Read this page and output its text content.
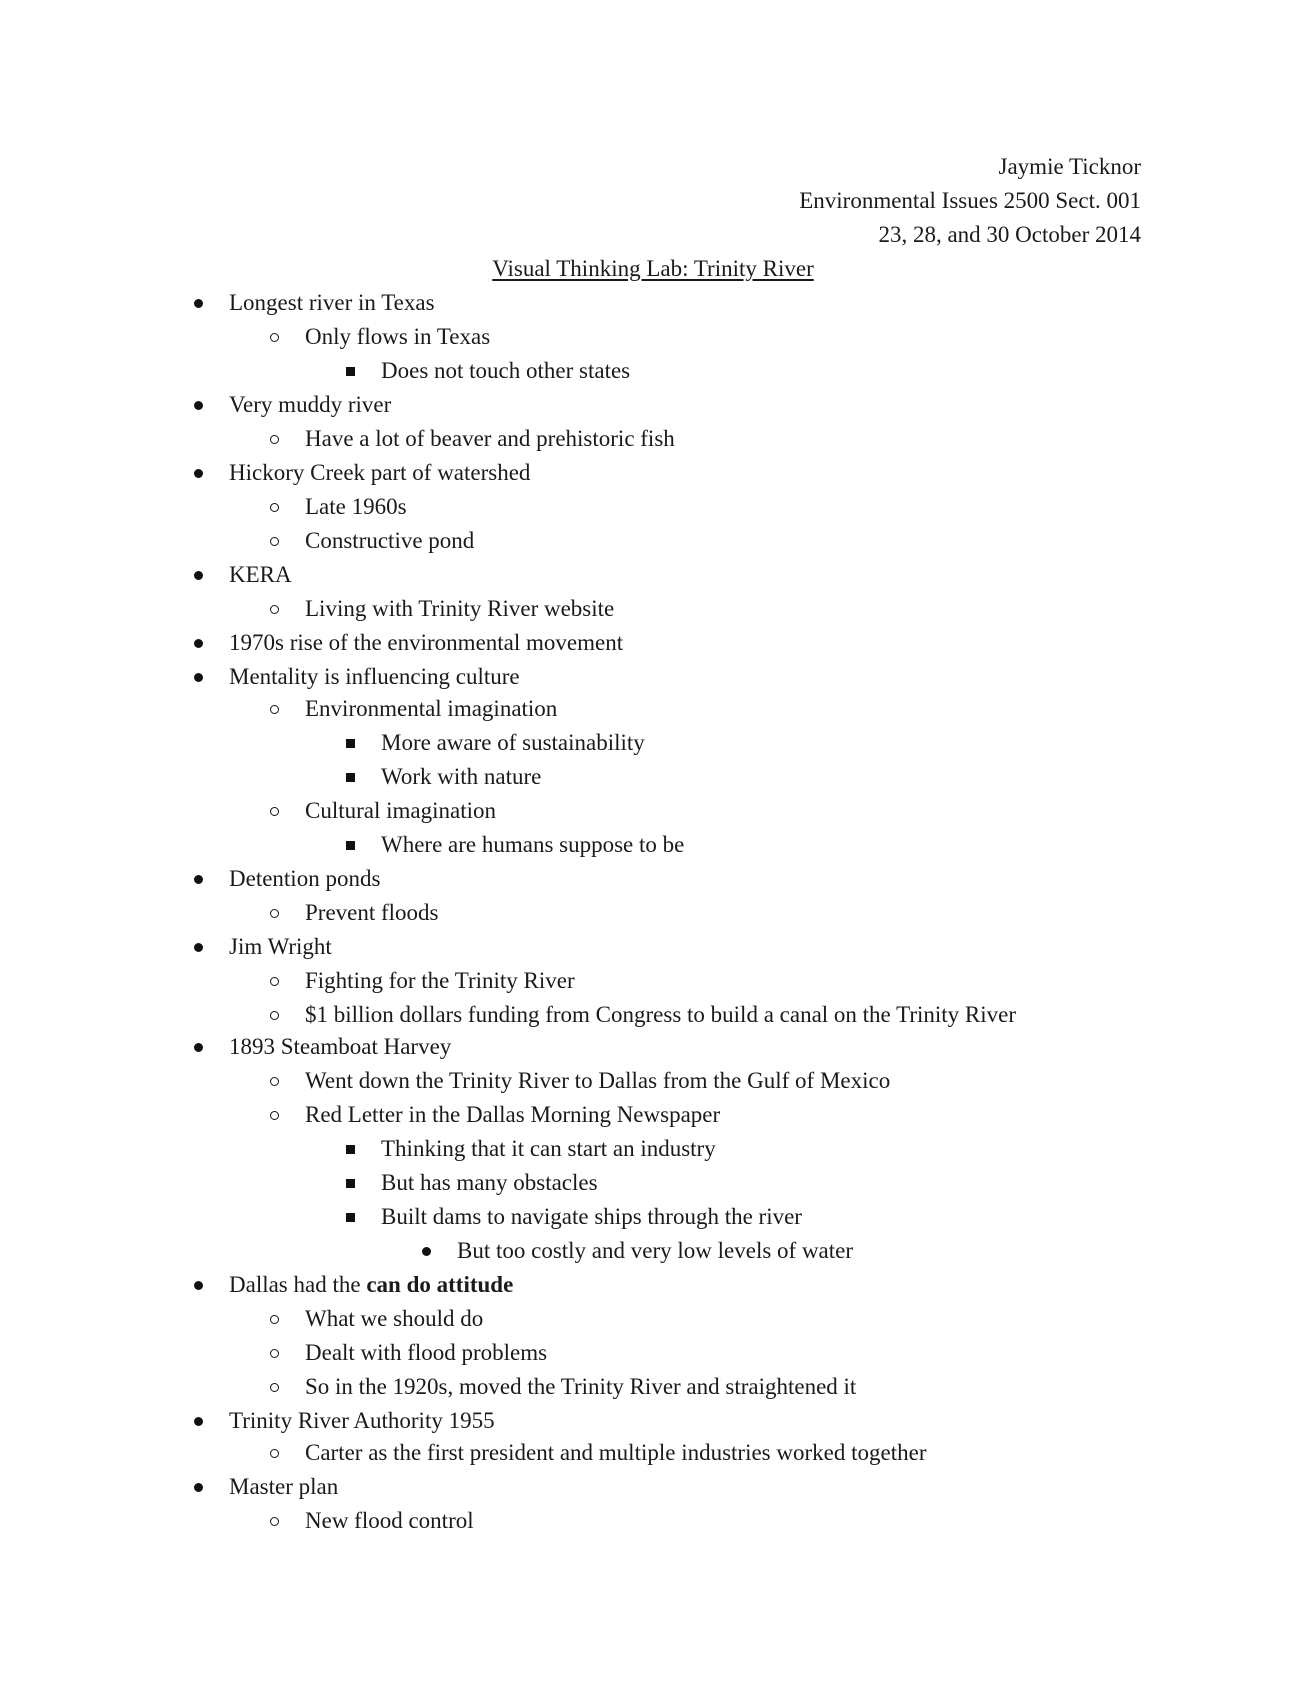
Jaymie Ticknor
Environmental Issues 2500 Sect. 001
23, 28, and 30 October 2014
Visual Thinking Lab: Trinity River
Longest river in Texas
Only flows in Texas
Does not touch other states
Very muddy river
Have a lot of beaver and prehistoric fish
Hickory Creek part of watershed
Late 1960s
Constructive pond
KERA
Living with Trinity River website
1970s rise of the environmental movement
Mentality is influencing culture
Environmental imagination
More aware of sustainability
Work with nature
Cultural imagination
Where are humans suppose to be
Detention ponds
Prevent floods
Jim Wright
Fighting for the Trinity River
$1 billion dollars funding from Congress to build a canal on the Trinity River
1893 Steamboat Harvey
Went down the Trinity River to Dallas from the Gulf of Mexico
Red Letter in the Dallas Morning Newspaper
Thinking that it can start an industry
But has many obstacles
Built dams to navigate ships through the river
But too costly and very low levels of water
Dallas had the can do attitude
What we should do
Dealt with flood problems
So in the 1920s, moved the Trinity River and straightened it
Trinity River Authority 1955
Carter as the first president and multiple industries worked together
Master plan
New flood control
